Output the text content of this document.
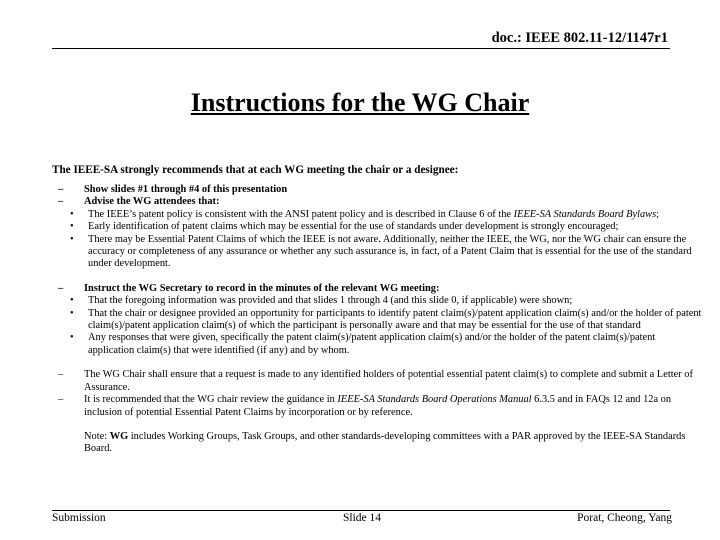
doc.: IEEE 802.11-12/1147r1
Instructions for the WG Chair
The IEEE-SA strongly recommends that at each WG meeting the chair or a designee:
– Show slides #1 through #4 of this presentation
– Advise the WG attendees that:
• The IEEE’s patent policy is consistent with the ANSI patent policy and is described in Clause 6 of the IEEE-SA Standards Board Bylaws;
• Early identification of patent claims which may be essential for the use of standards under development is strongly encouraged;
• There may be Essential Patent Claims of which the IEEE is not aware. Additionally, neither the IEEE, the WG, nor the WG chair can ensure the accuracy or completeness of any assurance or whether any such assurance is, in fact, of a Patent Claim that is essential for the use of the standard under development.
– Instruct the WG Secretary to record in the minutes of the relevant WG meeting:
• That the foregoing information was provided and that slides 1 through 4 (and this slide 0, if applicable) were shown;
• That the chair or designee provided an opportunity for participants to identify patent claim(s)/patent application claim(s) and/or the holder of patent claim(s)/patent application claim(s) of which the participant is personally aware and that may be essential for the use of that standard
• Any responses that were given, specifically the patent claim(s)/patent application claim(s) and/or the holder of the patent claim(s)/patent application claim(s) that were identified (if any) and by whom.
– The WG Chair shall ensure that a request is made to any identified holders of potential essential patent claim(s) to complete and submit a Letter of Assurance.
– It is recommended that the WG chair review the guidance in IEEE-SA Standards Board Operations Manual 6.3.5 and in FAQs 12 and 12a on inclusion of potential Essential Patent Claims by incorporation or by reference.
Note: WG includes Working Groups, Task Groups, and other standards-developing committees with a PAR approved by the IEEE-SA Standards Board.
Submission	Slide 14	Porat, Cheong, Yang
